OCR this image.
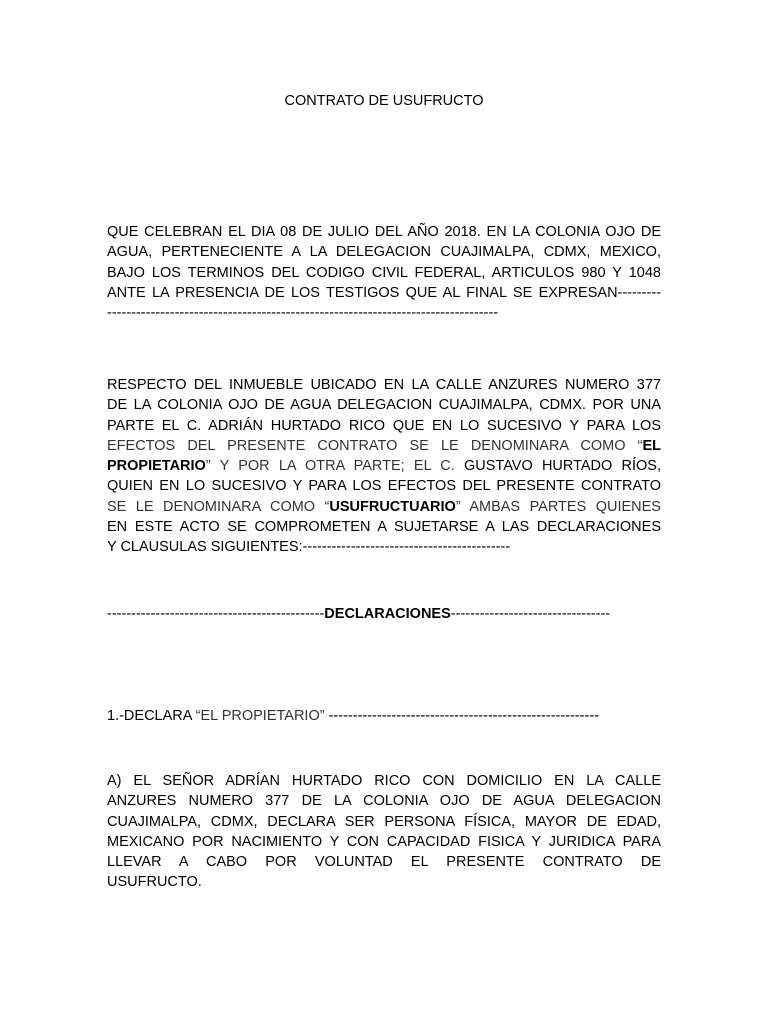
CONTRATO DE USUFRUCTO
QUE CELEBRAN EL DIA 08 DE JULIO DEL AÑO 2018. EN LA COLONIA OJO DE
AGUA, PERTENECIENTE A LA DELEGACION CUAJIMALPA, CDMX, MEXICO,
BAJO LOS TERMINOS DEL CODIGO CIVIL FEDERAL, ARTICULOS 980 Y 1048
ANTE LA PRESENCIA DE LOS TESTIGOS QUE AL FINAL SE EXPRESAN---------
---------------------------------------------------------------------------------
RESPECTO DEL INMUEBLE UBICADO EN LA CALLE ANZURES NUMERO 377
DE LA COLONIA OJO DE AGUA DELEGACION CUAJIMALPA, CDMX. POR UNA
PARTE EL C. ADRIÁN HURTADO RICO QUE EN LO SUCESIVO Y PARA LOS
EFECTOS DEL PRESENTE CONTRATO SE LE DENOMINARA COMO “EL
PROPIETARIO” Y POR LA OTRA PARTE; EL C. GUSTAVO HURTADO RÍOS,
QUIEN EN LO SUCESIVO Y PARA LOS EFECTOS DEL PRESENTE CONTRATO
SE LE DENOMINARA COMO “USUFRUCTUARIO” AMBAS PARTES QUIENES
EN ESTE ACTO SE COMPROMETEN A SUJETARSE A LAS DECLARACIONES
Y CLAUSULAS SIGUIENTES:-------------------------------------------
---------------------------------------------DECLARACIONES---------------------------------
1.-DECLARA “EL PROPIETARIO” --------------------------------------------------------
A) EL SEÑOR ADRÍAN HURTADO RICO CON DOMICILIO EN LA CALLE
ANZURES NUMERO 377 DE LA COLONIA OJO DE AGUA DELEGACION
CUAJIMALPA, CDMX, DECLARA SER PERSONA FÍSICA, MAYOR DE EDAD,
MEXICANO POR NACIMIENTO Y CON CAPACIDAD FISICA Y JURIDICA PARA
LLEVAR A CABO POR VOLUNTAD EL PRESENTE CONTRATO DE
USUFRUCTO.
